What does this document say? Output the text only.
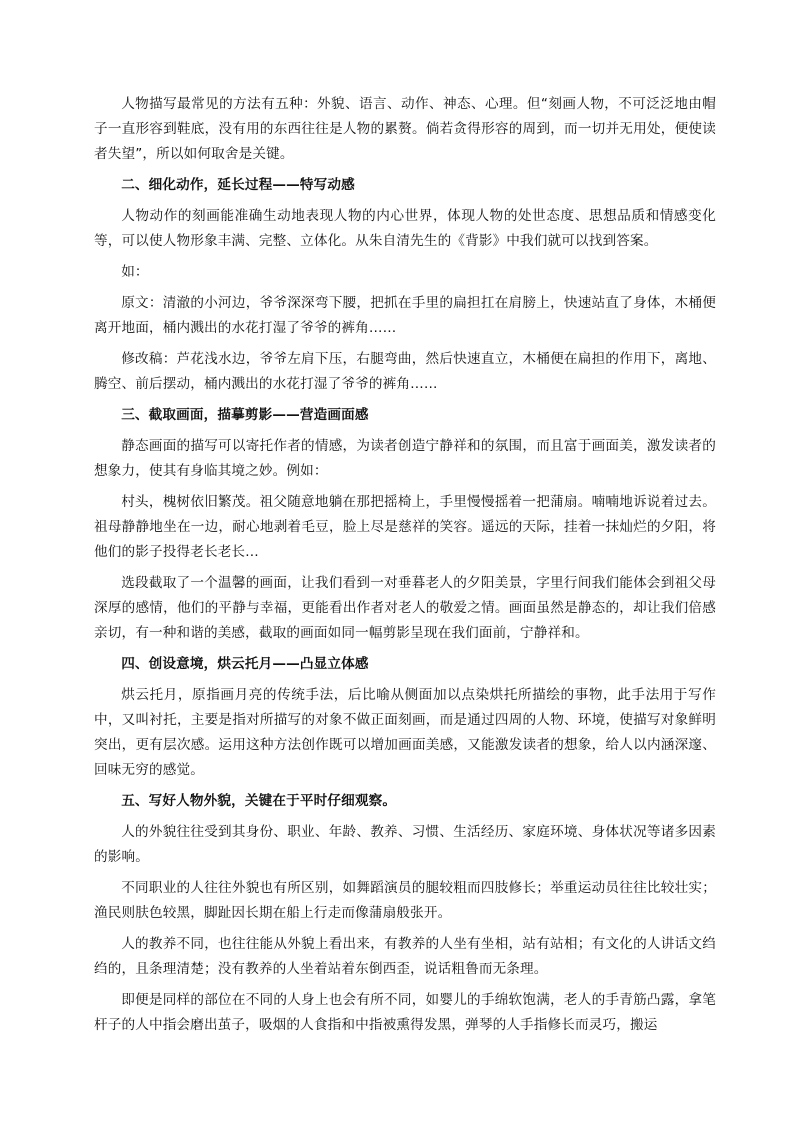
人物描写最常见的方法有五种：外貌、语言、动作、神态、心理。但“刻画人物，不可泛泛地由帽子一直形容到鞋底，没有用的东西往往是人物的累赘。倘若贪得形容的周到，而一切并无用处，便使读者失望”，所以如何取舍是关键。

二、细化动作，延长过程——特写动感

人物动作的刻画能准确生动地表现人物的内心世界，体现人物的处世态度、思想品质和情感变化等，可以使人物形象丰满、完整、立体化。从朱自清先生的《背影》中我们就可以找到答案。

如：

原文：清澈的小河边，爷爷深深弯下腰，把抓在手里的扁担扛在肩膀上，快速站直了身体，木桶便离开地面，桶内溅出的水花打湿了爷爷的裤角……

修改稿：芦花浅水边，爷爷左肩下压，右腿弯曲，然后快速直立，木桶便在扁担的作用下，离地、腾空、前后摆动，桶内溅出的水花打湿了爷爷的裤角……

三、截取画面，描摹剪影——营造画面感

静态画面的描写可以寄托作者的情感，为读者创造宁静祥和的氛围，而且富于画面美，激发读者的想象力，使其有身临其境之妙。例如：

村头，槐树依旧繁茂。祖父随意地躺在那把摇椅上，手里慢慢摇着一把蒲扇。喃喃地诉说着过去。祖母静静地坐在一边，耐心地剥着毛豆，脸上尽是慈祥的笑容。遥远的天际，挂着一抹灿烂的夕阳，将他们的影子投得老长老长…

选段截取了一个温馨的画面，让我们看到一对垂暮老人的夕阳美景，字里行间我们能体会到祖父母深厚的感情，他们的平静与幸福，更能看出作者对老人的敬爱之情。画面虽然是静态的，却让我们倍感亲切，有一种和谐的美感，截取的画面如同一幅剪影呈现在我们面前，宁静祥和。

四、创设意境，烘云托月——凸显立体感

烘云托月，原指画月亮的传统手法，后比喻从侧面加以点染烘托所描绘的事物，此手法用于写作中，又叫衬托，主要是指对所描写的对象不做正面刻画，而是通过四周的人物、环境，使描写对象鲜明突出，更有层次感。运用这种方法创作既可以增加画面美感，又能激发读者的想象，给人以内涵深邃、回味无穷的感觉。

五、写好人物外貌，关键在于平时仔细观察。

人的外貌往往受到其身份、职业、年龄、教养、习惯、生活经历、家庭环境、身体状况等诸多因素的影响。

不同职业的人往往外貌也有所区别，如舞蹈演员的腿较粗而四肢修长；举重运动员往往比较壮实；渔民则肤色较黑，脚趾因长期在船上行走而像蒲扇般张开。

人的教养不同，也往往能从外貌上看出来，有教养的人坐有坐相，站有站相；有文化的人讲话文绉绉的，且条理清楚；没有教养的人坐着站着东倒西歪，说话粗鲁而无条理。

即便是同样的部位在不同的人身上也会有所不同，如婴儿的手绵软饱满，老人的手青筋凸露，拿笔杆子的人中指会磨出茧子，吸烟的人食指和中指被熏得发黑，弹琴的人手指修长而灵巧，搬运
